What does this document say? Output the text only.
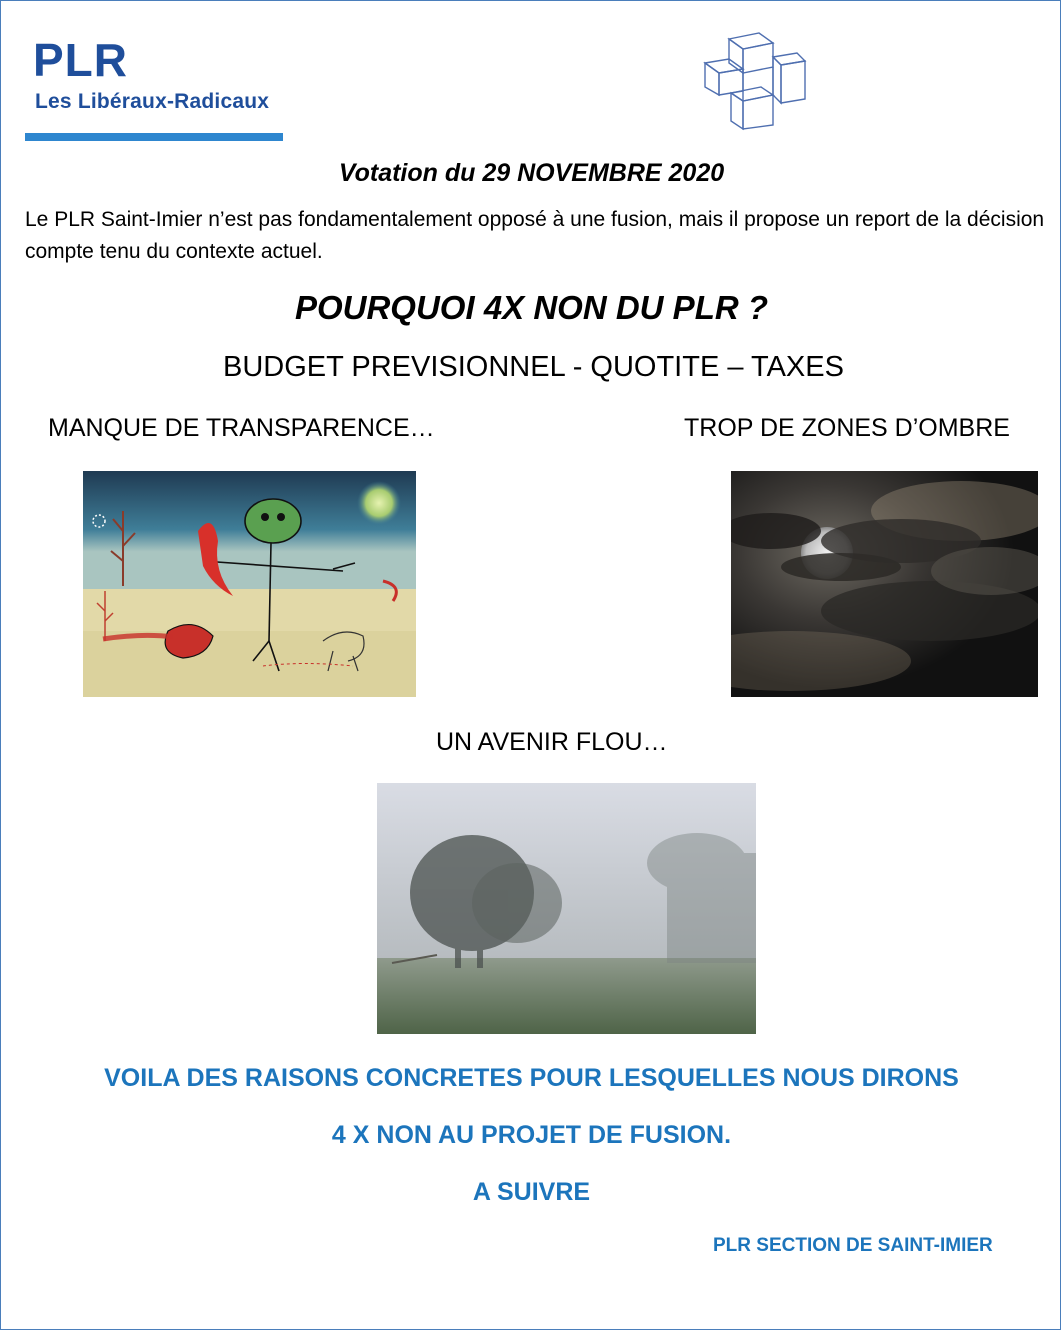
PLR
Les Libéraux-Radicaux
Votation du 29 NOVEMBRE 2020
Le PLR Saint-Imier n’est pas fondamentalement opposé à une fusion, mais il propose un report de la décision compte tenu du contexte actuel.
POURQUOI 4X NON DU PLR ?
BUDGET PREVISIONNEL - QUOTITE – TAXES
MANQUE DE TRANSPARENCE…	TROP DE ZONES D’OMBRE
UN AVENIR FLOU…
VOILA DES RAISONS CONCRETES POUR LESQUELLES NOUS DIRONS
4 X NON AU PROJET DE FUSION.
A SUIVRE
PLR SECTION DE SAINT-IMIER
